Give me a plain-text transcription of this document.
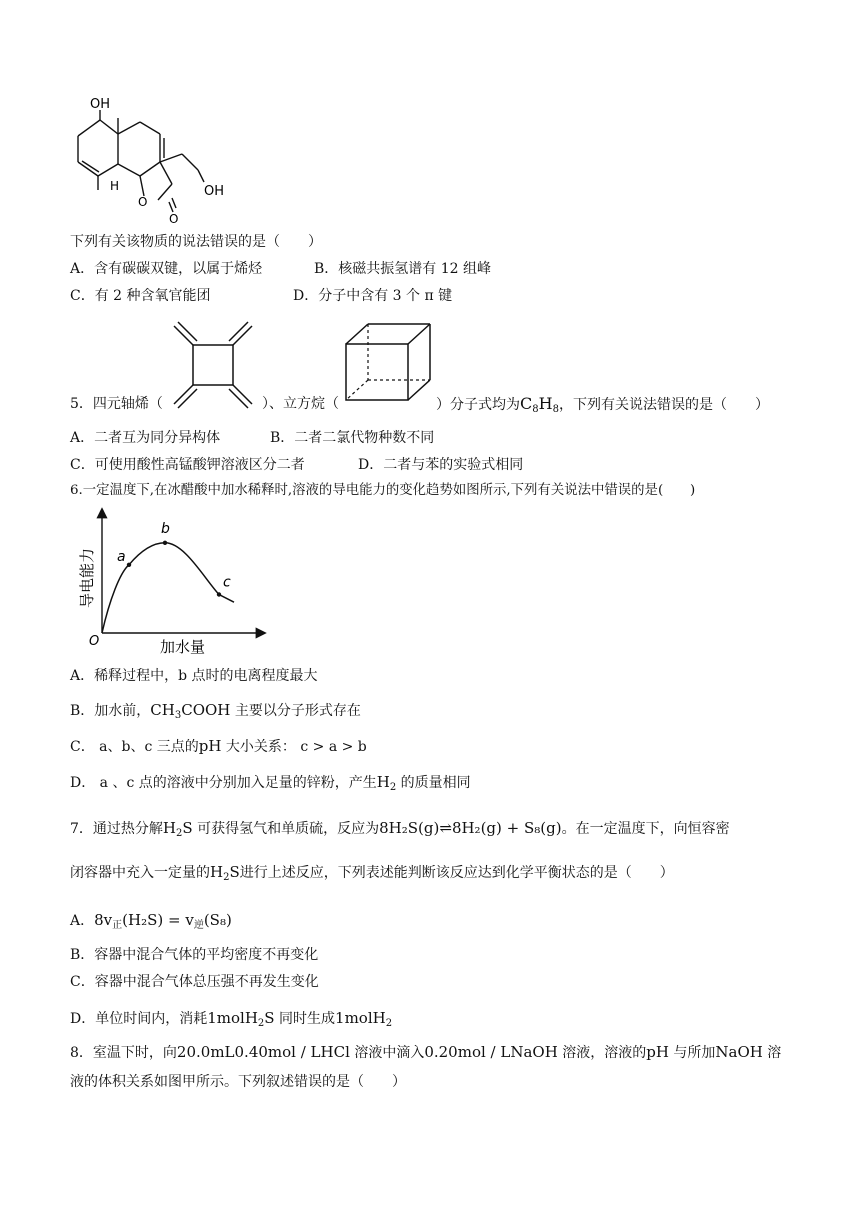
OH
H
O
O
OH
下列有关该物质的说法错误的是（　　）
A．含有碳碳双键，以属于烯烃	B．核磁共振氢谱有 12 组峰
C．有 2 种含氧官能团	D．分子中含有 3 个 π 键
5．四元轴烯（	）、立方烷（	）分子式均为$C_8H_8$，下列有关说法错误的是（　　）
A．二者互为同分异构体	B．二者二氯代物种数不同
C．可使用酸性高锰酸钾溶液区分二者	D．二者与苯的实验式相同
6.一定温度下,在冰醋酸中加水稀释时,溶液的导电能力的变化趋势如图所示,下列有关说法中错误的是(　　)
a
b
c
导电能力
加水量
O
A．稀释过程中，b 点时的电离程度最大
B．加水前，$CH_3COOH$ 主要以分子形式存在
C． a、b、c 三点的pH 大小关系： c > a > b
D． a 、c 点的溶液中分别加入足量的锌粉，产生$H_2$ 的质量相同
7．通过热分解$H_2S$ 可获得氢气和单质硫，反应为8H₂S(g)⇌8H₂(g) + S₈(g)。在一定温度下，向恒容密
闭容器中充入一定量的$H_2S$进行上述反应，下列表述能判断该反应达到化学平衡状态的是（　　）
A．$8v_正(H_2S) = v_逆(S_8)$
B．容器中混合气体的平均密度不再变化
C．容器中混合气体总压强不再发生变化
D．单位时间内，消耗1molH$_2$S 同时生成1molH$_2$
8．室温下时，向20.0mL0.40mol / LHCl 溶液中滴入0.20mol / LNaOH 溶液，溶液的pH 与所加NaOH 溶
液的体积关系如图甲所示。下列叙述错误的是（　　）
